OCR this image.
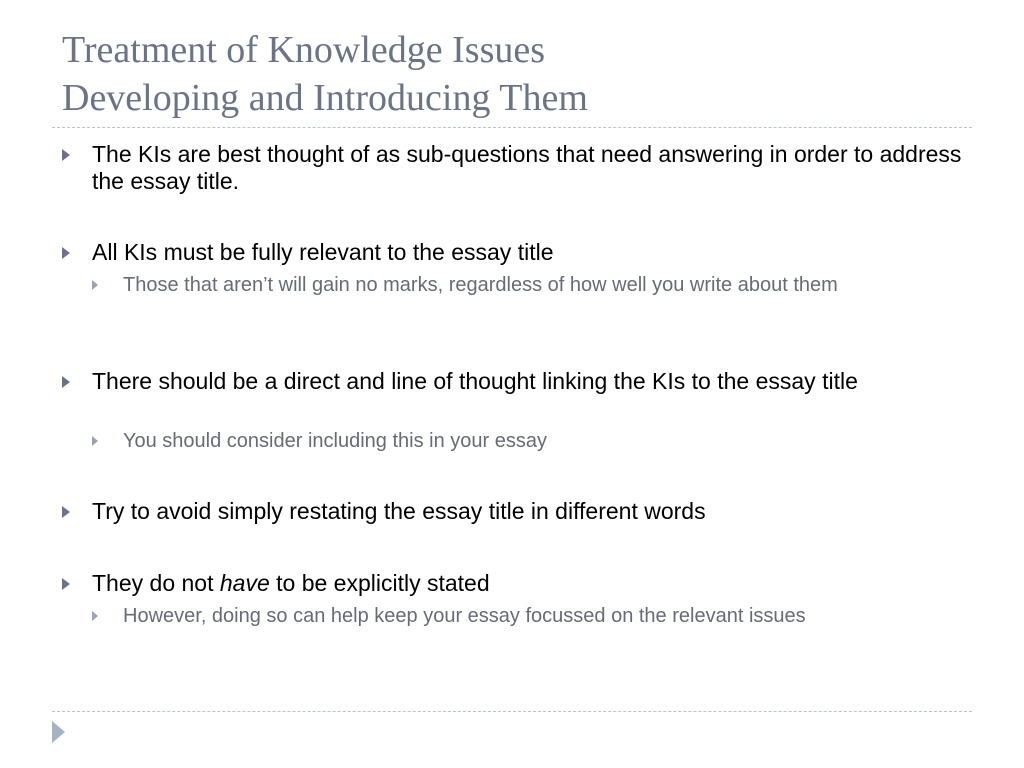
Treatment of Knowledge Issues
Developing and Introducing Them
The KIs are best thought of as sub-questions that need answering in order to address the essay title.
All KIs must be fully relevant to the essay title
Those that aren’t will gain no marks, regardless of how well you write about them
There should be a direct and line of thought linking the KIs to the essay title
You should consider including this in your essay
Try to avoid simply restating the essay title in different words
They do not have to be explicitly stated
However, doing so can help keep your essay focussed on the relevant issues
